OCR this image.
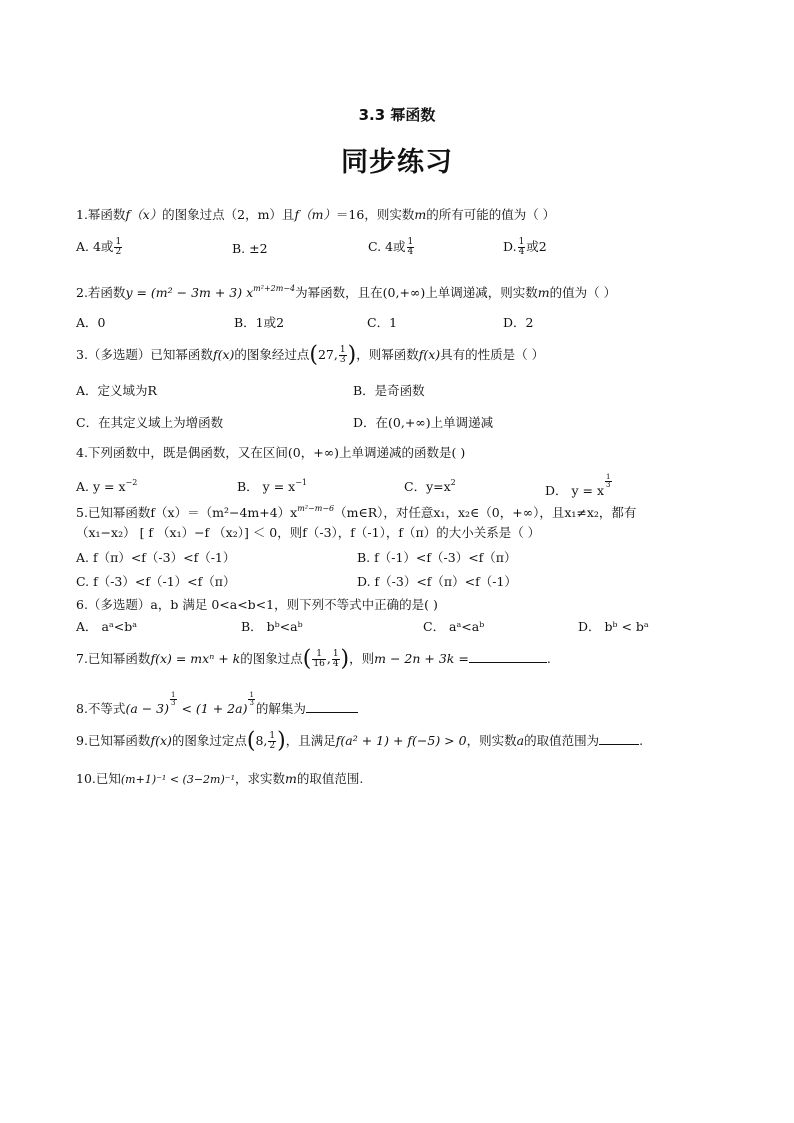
3.3 幂函数
同步练习
1.幂函数f（x）的图象过点（2，m）且f（m）＝16，则实数m的所有可能的值为（ ）
A. 4或 $\frac{1}{2}$	B. ±2	C. 4或 $\frac{1}{4}$	D. $\frac{1}{4}$ 或2
2.若函数y = (m² − 3m + 3) $x^{m^2+2m-4}$为幂函数，且在(0,+∞)上单调递减，则实数m的值为（ ）
A．0	B．1或2	C．1	D．2
3.（多选题）已知幂函数f(x)的图象经过点(27, $\frac{1}{3}$ )，则幂函数f(x)具有的性质是（ ）
A．定义域为R	B．是奇函数
C．在其定义域上为增函数	D．在(0,+∞)上单调递减
4.下列函数中，既是偶函数，又在区间(0，+∞)上单调递减的函数是( )
A. $y = x^{-2}$	B． $y = x^{-1}$	C．$y=x^2$
D． y = x
$\frac{1}{3}$
5.已知幂函数$f(x)=(m^2-4m+4)x^{m^2-m-6}(m\in R)$，对任意x₁，x₂∈（0，+∞），且x₁≠x₂，都有
（x₁−x₂） [ f （x₁）−f （x₂）] ＜ 0，则f（-3），f（-1），f（π）的大小关系是（ ）
A. f（π）<f（-3）<f（-1）	B. f（-1）<f（-3）<f（π）
C. f（-3）<f（-1）<f（π）	D. f（-3）<f（π）<f（-1）
6.（多选题）a，b 满足 0<a<b<1，则下列不等式中正确的是( )
A． aᵃ<bᵃ	B． bᵇ<aᵇ	C． aᵃ<aᵇ	D． bᵇ < bᵃ
7.已知幂函数f(x) = mxⁿ + k的图象过点( $\frac{1}{16}$ , $\frac{1}{4}$ )，则m − 2n + 3k =	.
8.不等式(a − 3)
$\frac{1}{3}$
< (1 + 2a)
$\frac{1}{3}$
的解集为
9.已知幂函数f(x)的图象过定点(8, $\frac{1}{2}$ )，且满足f(a² + 1) + f(−5) > 0，则实数a的取值范围为	.
10.已知(m+1)⁻¹ < (3−2m)⁻¹，求实数m的取值范围.
